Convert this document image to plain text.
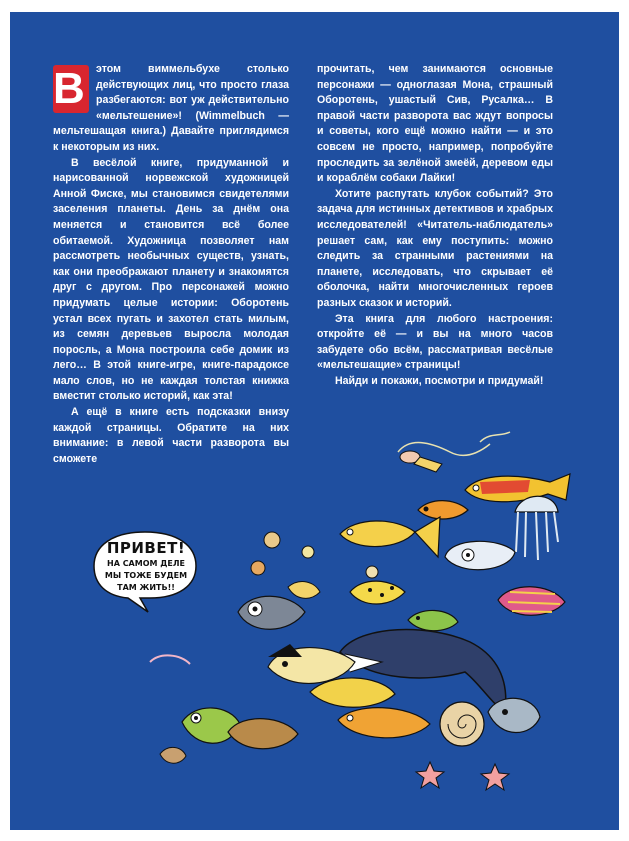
В	этом виммельбухе столько действующих лиц, что просто глаза разбегаются: вот уж действительно «мельтешение»! (Wimmelbuch — мельтешащая книга.) Давайте приглядимся к некоторым из них.

В весёлой книге, придуманной и нарисованной норвежской художницей Анной Фиске, мы становимся свидетелями заселения планеты. День за днём она меняется и становится всё более обитаемой. Художница позволяет нам рассмотреть необычных существ, узнать, как они преображают планету и знакомятся друг с другом. Про персонажей можно придумать целые истории: Оборотень устал всех пугать и захотел стать милым, из семян деревьев выросла молодая поросль, а Мона построила себе домик из лего… В этой книге-игре, книге-парадоксе мало слов, но не каждая толстая книжка вместит столько историй, как эта!

А ещё в книге есть подсказки внизу каждой страницы. Обратите на них внимание: в левой части разворота вы сможете

прочитать, чем занимаются основные персонажи — одноглазая Мона, страшный Оборотень, ушастый Сив, Русалка… В правой части разворота вас ждут вопросы и советы, кого ещё можно найти — и это совсем не просто, например, попробуйте проследить за зелёной змеёй, деревом еды и кораблём собаки Лайки!

Хотите распутать клубок событий? Это задача для истинных детективов и храбрых исследователей! «Читатель-наблюдатель» решает сам, как ему поступить: можно следить за странными растениями на планете, исследовать, что скрывает её оболочка, найти многочисленных героев разных сказок и историй.

Эта книга для любого настроения: откройте её — и вы на много часов забудете обо всём, рассматривая весёлые «мельтешащие» страницы!

Найди и покажи, посмотри и придумай!

ПРИВЕТ!
НА САМОМ ДЕЛЕ
МЫ ТОЖЕ БУДЕМ
ТАМ ЖИТЬ!!
